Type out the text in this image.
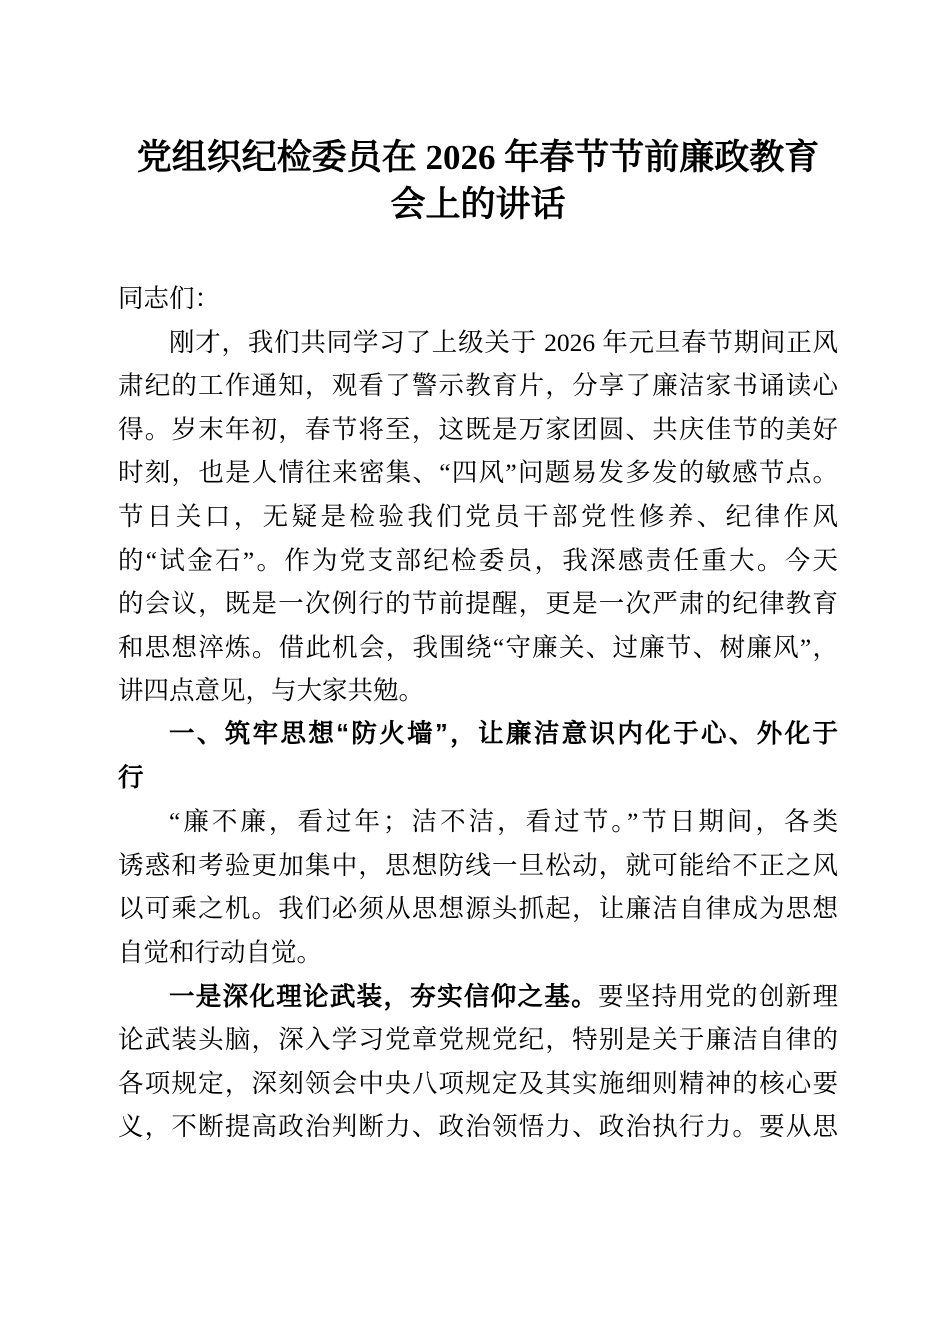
党组织纪检委员在 2026 年春节节前廉政教育
会上的讲话
同志们：
刚才，我们共同学习了上级关于 2026 年元旦春节期间正风
肃纪的工作通知，观看了警示教育片，分享了廉洁家书诵读心
得。岁末年初，春节将至，这既是万家团圆、共庆佳节的美好
时刻，也是人情往来密集、“四风”问题易发多发的敏感节点。
节日关口，无疑是检验我们党员干部党性修养、纪律作风
的“试金石”。作为党支部纪检委员，我深感责任重大。今天
的会议，既是一次例行的节前提醒，更是一次严肃的纪律教育
和思想淬炼。借此机会，我围绕“守廉关、过廉节、树廉风”，
讲四点意见，与大家共勉。
一、筑牢思想“防火墙”，让廉洁意识内化于心、外化于
行
“廉不廉，看过年；洁不洁，看过节。”节日期间，各类
诱惑和考验更加集中，思想防线一旦松动，就可能给不正之风
以可乘之机。我们必须从思想源头抓起，让廉洁自律成为思想
自觉和行动自觉。
一是深化理论武装，夯实信仰之基。要坚持用党的创新理
论武装头脑，深入学习党章党规党纪，特别是关于廉洁自律的
各项规定，深刻领会中央八项规定及其实施细则精神的核心要
义，不断提高政治判断力、政治领悟力、政治执行力。要从思
